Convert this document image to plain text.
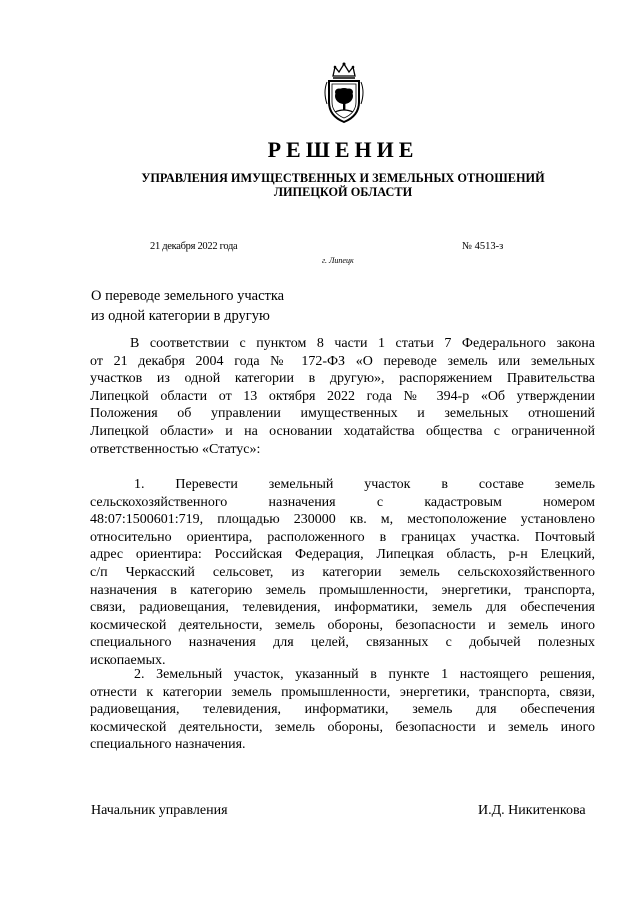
РЕШЕНИЕ
УПРАВЛЕНИЯ ИМУЩЕСТВЕННЫХ И ЗЕМЕЛЬНЫХ ОТНОШЕНИЙ
ЛИПЕЦКОЙ ОБЛАСТИ
21 декабря 2022 года	№ 4513-з
г. Липецк
О переводе земельного участка
из одной категории в другую
В соответствии с пунктом 8 части 1 статьи 7 Федерального закона
от 21 декабря 2004 года № 172-ФЗ «О переводе земель или земельных
участков из одной категории в другую», распоряжением Правительства
Липецкой области от 13 октября 2022 года № 394-р «Об утверждении
Положения об управлении имущественных и земельных отношений
Липецкой области» и на основании ходатайства общества с ограниченной
ответственностью «Статус»:
1. Перевести земельный участок в составе земель
сельскохозяйственного назначения с кадастровым номером
48:07:1500601:719, площадью 230000 кв. м, местоположение установлено
относительно ориентира, расположенного в границах участка. Почтовый
адрес ориентира: Российская Федерация, Липецкая область, р-н Елецкий,
с/п Черкасский сельсовет, из категории земель сельскохозяйственного
назначения в категорию земель промышленности, энергетики, транспорта,
связи, радиовещания, телевидения, информатики, земель для обеспечения
космической деятельности, земель обороны, безопасности и земель иного
специального назначения для целей, связанных с добычей полезных
ископаемых.
2. Земельный участок, указанный в пункте 1 настоящего решения,
отнести к категории земель промышленности, энергетики, транспорта, связи,
радиовещания, телевидения, информатики, земель для обеспечения
космической деятельности, земель обороны, безопасности и земель иного
специального назначения.
Начальник управления	И.Д. Никитенкова
